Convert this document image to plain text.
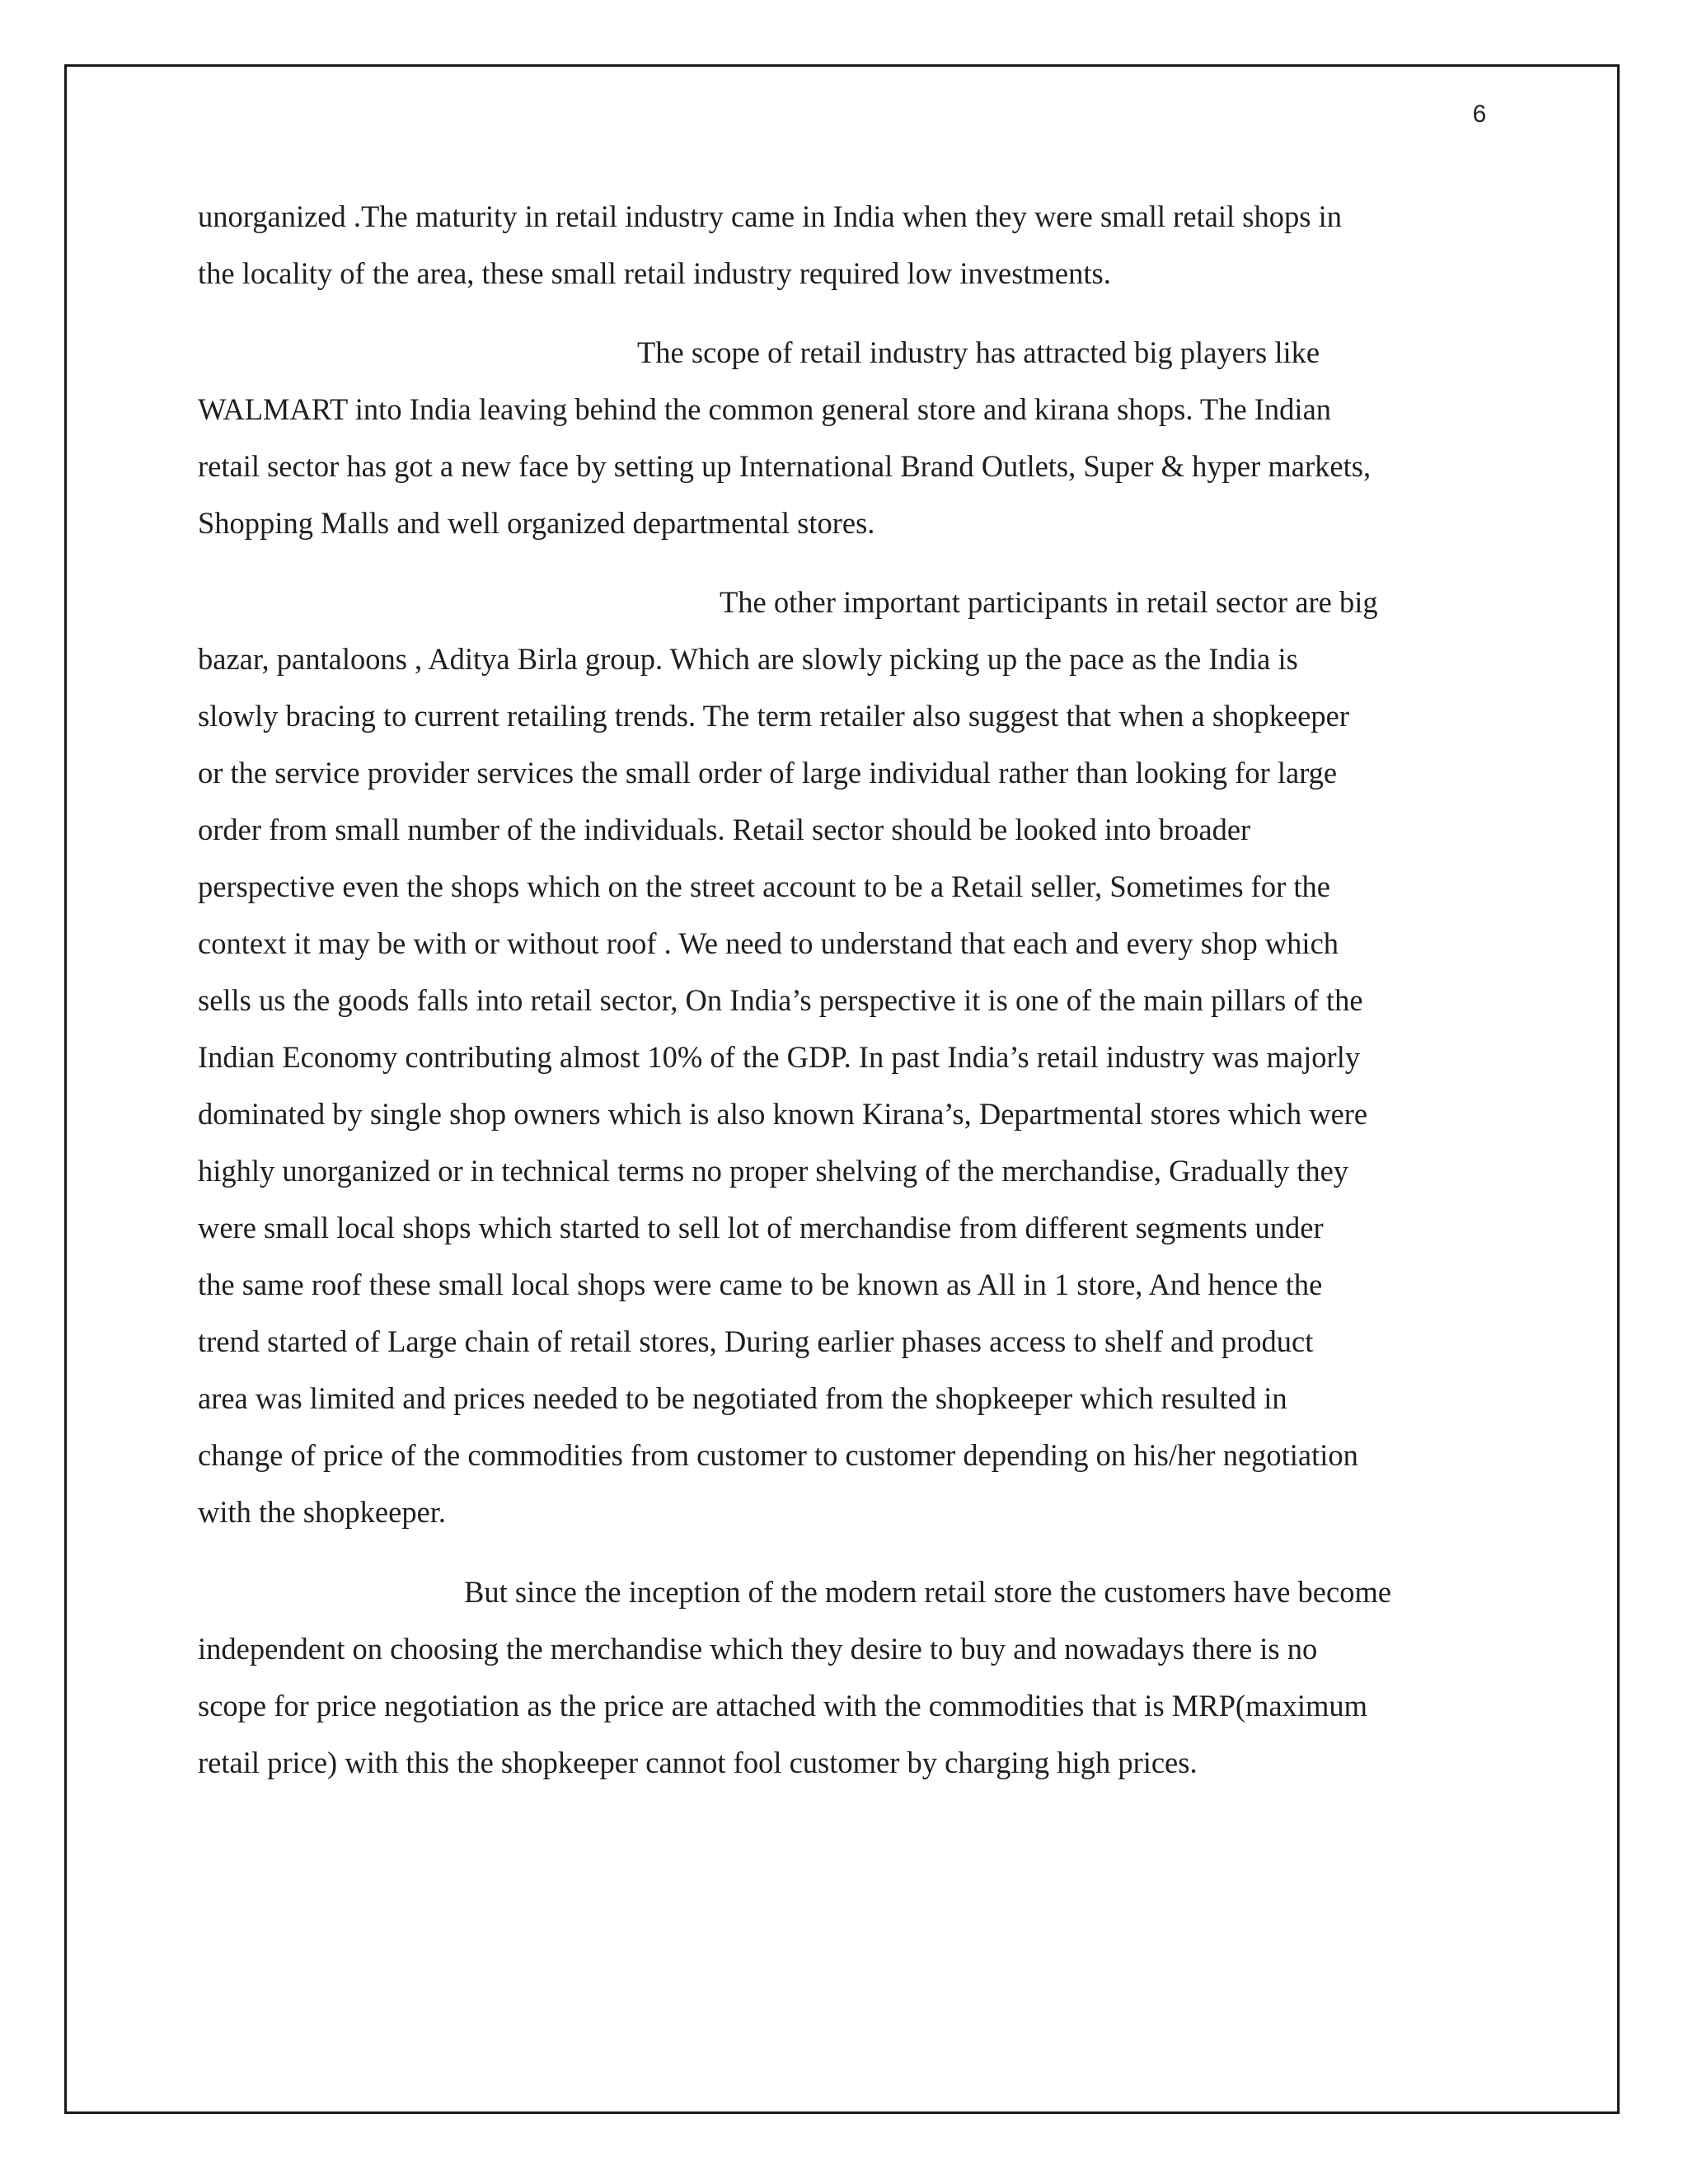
6

unorganized .The maturity in retail industry came in India when they were small retail shops in
the locality of the area, these small retail industry required low investments.

The scope of retail industry has attracted big players like
WALMART into India leaving behind the common general store and kirana shops. The Indian
retail sector has got a new face by setting up International Brand Outlets, Super & hyper markets,
Shopping Malls and well organized departmental stores.

The other important participants in retail sector are big
bazar, pantaloons , Aditya Birla group. Which are slowly picking up the pace as the India is
slowly bracing to current retailing trends. The term retailer also suggest that when a shopkeeper
or the service provider services the small order of large individual rather than looking for large
order from small number of the individuals. Retail sector should be looked into broader
perspective even the shops which on the street account to be a Retail seller, Sometimes for the
context it may be with or without roof . We need to understand that each and every shop which
sells us the goods falls into retail sector, On India’s perspective it is one of the main pillars of the
Indian Economy contributing almost 10% of the GDP. In past India’s retail industry was majorly
dominated by single shop owners which is also known Kirana’s, Departmental stores which were
highly unorganized or in technical terms no proper shelving of the merchandise, Gradually they
were small local shops which started to sell lot of merchandise from different segments under
the same roof these small local shops were came to be known as All in 1 store, And hence the
trend started of Large chain of retail stores, During earlier phases access to shelf and product
area was limited and prices needed to be negotiated from the shopkeeper which resulted in
change of price of the commodities from customer to customer depending on his/her negotiation
with the shopkeeper.

But since the inception of the modern retail store the customers have become
independent on choosing the merchandise which they desire to buy and nowadays there is no
scope for price negotiation as the price are attached with the commodities that is MRP(maximum
retail price) with this the shopkeeper cannot fool customer by charging high prices.
